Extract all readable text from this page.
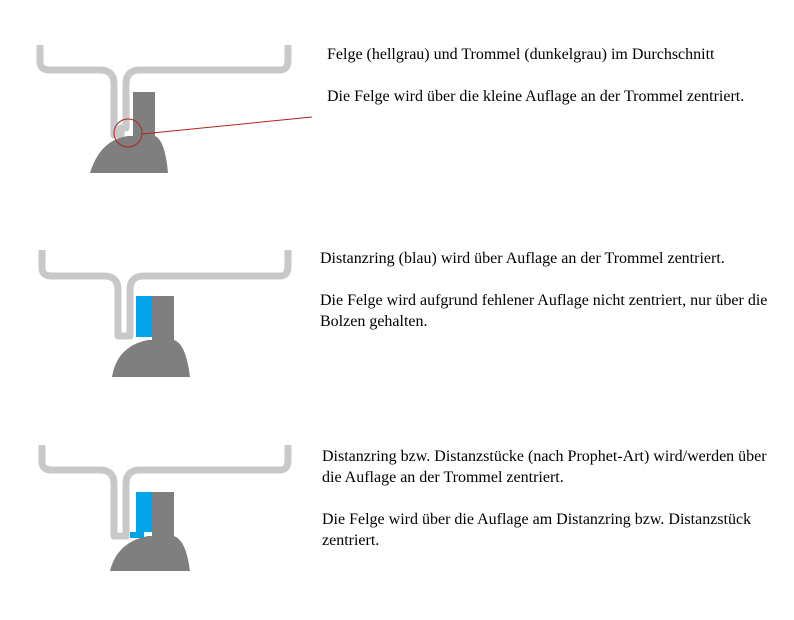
Felge (hellgrau) und Trommel (dunkelgrau) im Durchschnitt

Die Felge wird über die kleine Auflage an der Trommel zentriert.

Distanzring (blau) wird über Auflage an der Trommel zentriert.

Die Felge wird aufgrund fehlener Auflage nicht zentriert, nur über die Bolzen gehalten.

Distanzring bzw. Distanzstücke (nach Prophet-Art) wird/werden über die Auflage an der Trommel zentriert.

Die Felge wird über die Auflage am Distanzring bzw. Distanzstück zentriert.
